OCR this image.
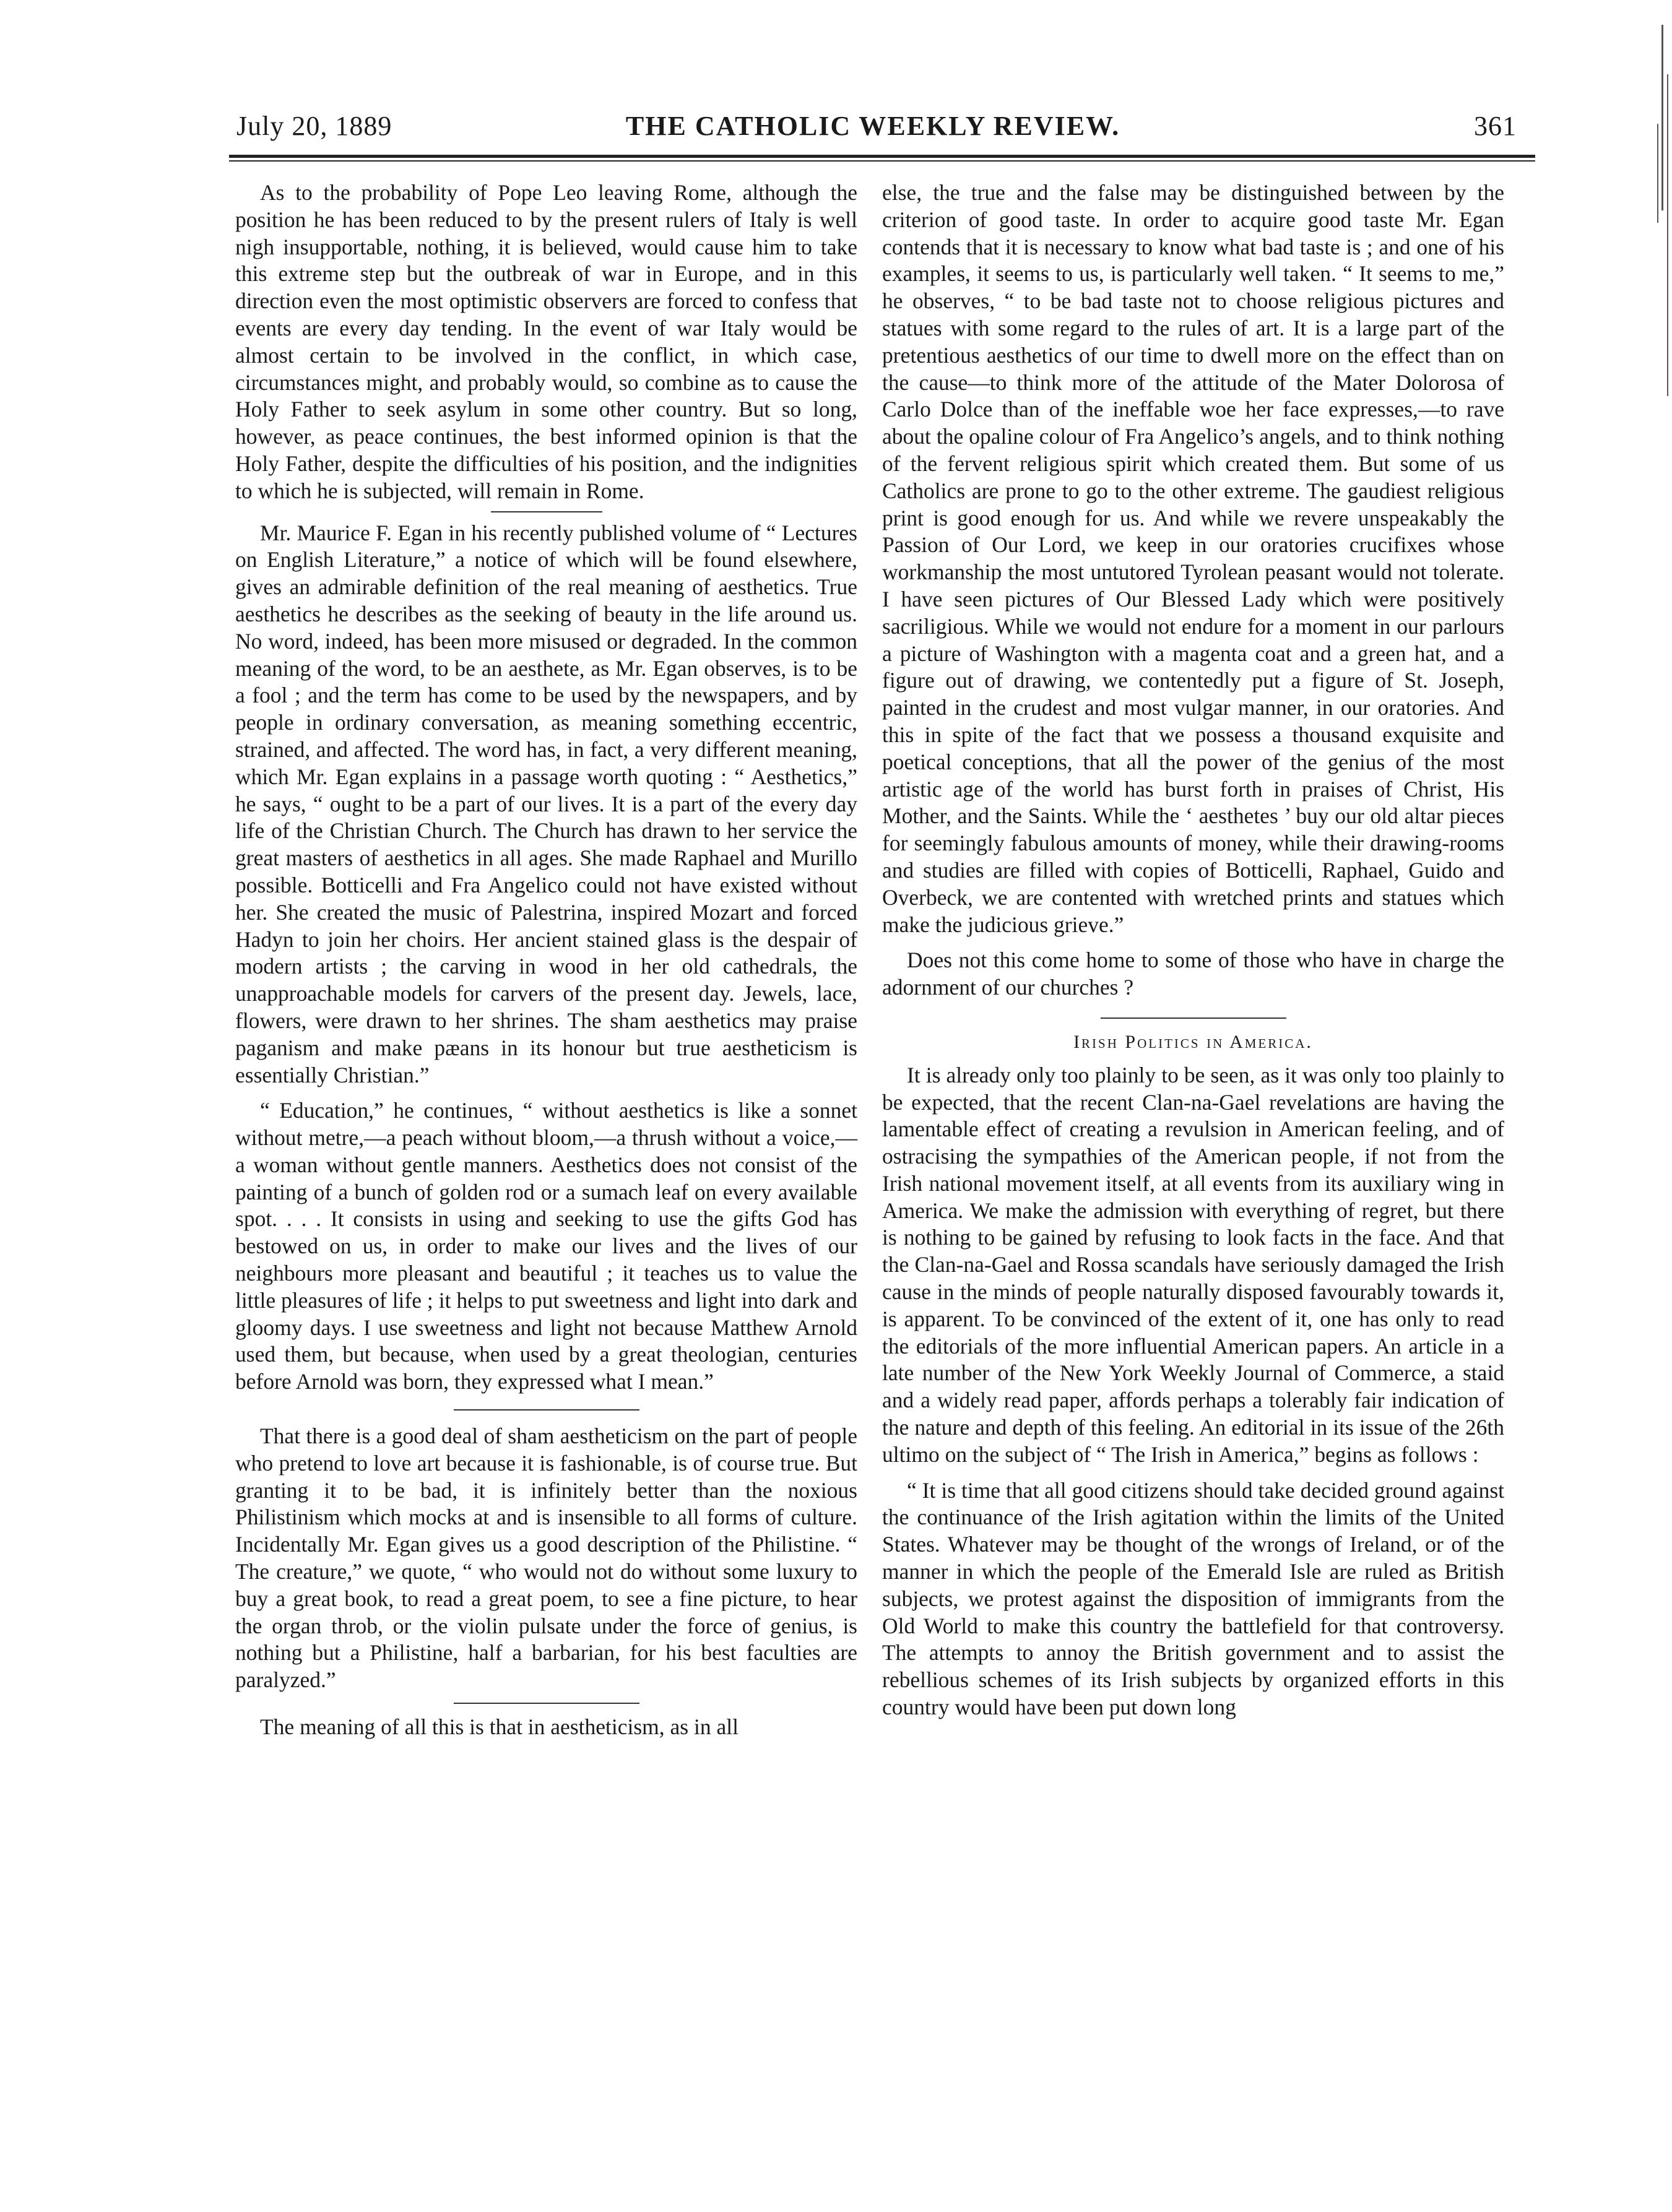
July 20, 1889	THE CATHOLIC WEEKLY REVIEW.	361

As to the probability of Pope Leo leaving Rome, although the position he has been reduced to by the present rulers of Italy is well nigh insupportable, nothing, it is believed, would cause him to take this extreme step but the outbreak of war in Europe, and in this direction even the most optimistic observers are forced to confess that events are every day tending. In the event of war Italy would be almost certain to be involved in the conflict, in which case, circumstances might, and probably would, so combine as to cause the Holy Father to seek asylum in some other country. But so long, however, as peace continues, the best informed opinion is that the Holy Father, despite the difficulties of his position, and the indignities to which he is subjected, will remain in Rome.

Mr. Maurice F. Egan in his recently published volume of “ Lectures on English Literature,” a notice of which will be found elsewhere, gives an admirable definition of the real meaning of aesthetics. True aesthetics he describes as the seeking of beauty in the life around us. No word, indeed, has been more misused or degraded. In the common meaning of the word, to be an aesthete, as Mr. Egan observes, is to be a fool ; and the term has come to be used by the newspapers, and by people in ordinary conversation, as meaning something eccentric, strained, and affected. The word has, in fact, a very different meaning, which Mr. Egan explains in a passage worth quoting : “ Aesthetics,” he says, “ ought to be a part of our lives. It is a part of the every day life of the Christian Church. The Church has drawn to her service the great masters of aesthetics in all ages. She made Raphael and Murillo possible. Botticelli and Fra Angelico could not have existed without her. She created the music of Palestrina, inspired Mozart and forced Hadyn to join her choirs. Her ancient stained glass is the despair of modern artists ; the carving in wood in her old cathedrals, the unapproachable models for carvers of the present day. Jewels, lace, flowers, were drawn to her shrines. The sham aesthetics may praise paganism and make pæans in its honour but true aestheticism is essentially Christian.”

“ Education,” he continues, “ without aesthetics is like a sonnet without metre,—a peach without bloom,—a thrush without a voice,—a woman without gentle manners. Aesthetics does not consist of the painting of a bunch of golden rod or a sumach leaf on every available spot. . . . It consists in using and seeking to use the gifts God has bestowed on us, in order to make our lives and the lives of our neighbours more pleasant and beautiful ; it teaches us to value the little pleasures of life ; it helps to put sweetness and light into dark and gloomy days. I use sweetness and light not because Matthew Arnold used them, but because, when used by a great theologian, centuries before Arnold was born, they expressed what I mean.”

That there is a good deal of sham aestheticism on the part of people who pretend to love art because it is fashionable, is of course true. But granting it to be bad, it is infinitely better than the noxious Philistinism which mocks at and is insensible to all forms of culture. Incidentally Mr. Egan gives us a good description of the Philistine. “ The creature,” we quote, “ who would not do without some luxury to buy a great book, to read a great poem, to see a fine picture, to hear the organ throb, or the violin pulsate under the force of genius, is nothing but a Philistine, half a barbarian, for his best faculties are paralyzed.”

The meaning of all this is that in aestheticism, as in all

else, the true and the false may be distinguished between by the criterion of good taste. In order to acquire good taste Mr. Egan contends that it is necessary to know what bad taste is ; and one of his examples, it seems to us, is particularly well taken. “ It seems to me,” he observes, “ to be bad taste not to choose religious pictures and statues with some regard to the rules of art. It is a large part of the pretentious aesthetics of our time to dwell more on the effect than on the cause—to think more of the attitude of the Mater Dolorosa of Carlo Dolce than of the ineffable woe her face expresses,—to rave about the opaline colour of Fra Angelico’s angels, and to think nothing of the fervent religious spirit which created them. But some of us Catholics are prone to go to the other extreme. The gaudiest religious print is good enough for us. And while we revere unspeakably the Passion of Our Lord, we keep in our oratories crucifixes whose workmanship the most untutored Tyrolean peasant would not tolerate. I have seen pictures of Our Blessed Lady which were positively sacriligious. While we would not endure for a moment in our parlours a picture of Washington with a magenta coat and a green hat, and a figure out of drawing, we contentedly put a figure of St. Joseph, painted in the crudest and most vulgar manner, in our oratories. And this in spite of the fact that we possess a thousand exquisite and poetical conceptions, that all the power of the genius of the most artistic age of the world has burst forth in praises of Christ, His Mother, and the Saints. While the ‘ aesthetes ’ buy our old altar pieces for seemingly fabulous amounts of money, while their drawing-rooms and studies are filled with copies of Botticelli, Raphael, Guido and Overbeck, we are contented with wretched prints and statues which make the judicious grieve.”

Does not this come home to some of those who have in charge the adornment of our churches ?

Irish Politics in America.

It is already only too plainly to be seen, as it was only too plainly to be expected, that the recent Clan-na-Gael revelations are having the lamentable effect of creating a revulsion in American feeling, and of ostracising the sympathies of the American people, if not from the Irish national movement itself, at all events from its auxiliary wing in America. We make the admission with everything of regret, but there is nothing to be gained by refusing to look facts in the face. And that the Clan-na-Gael and Rossa scandals have seriously damaged the Irish cause in the minds of people naturally disposed favourably towards it, is apparent. To be convinced of the extent of it, one has only to read the editorials of the more influential American papers. An article in a late number of the New York Weekly Journal of Commerce, a staid and a widely read paper, affords perhaps a tolerably fair indication of the nature and depth of this feeling. An editorial in its issue of the 26th ultimo on the subject of “ The Irish in America,” begins as follows :

“ It is time that all good citizens should take decided ground against the continuance of the Irish agitation within the limits of the United States. Whatever may be thought of the wrongs of Ireland, or of the manner in which the people of the Emerald Isle are ruled as British subjects, we protest against the disposition of immigrants from the Old World to make this country the battlefield for that controversy. The attempts to annoy the British government and to assist the rebellious schemes of its Irish subjects by organized efforts in this country would have been put down long
